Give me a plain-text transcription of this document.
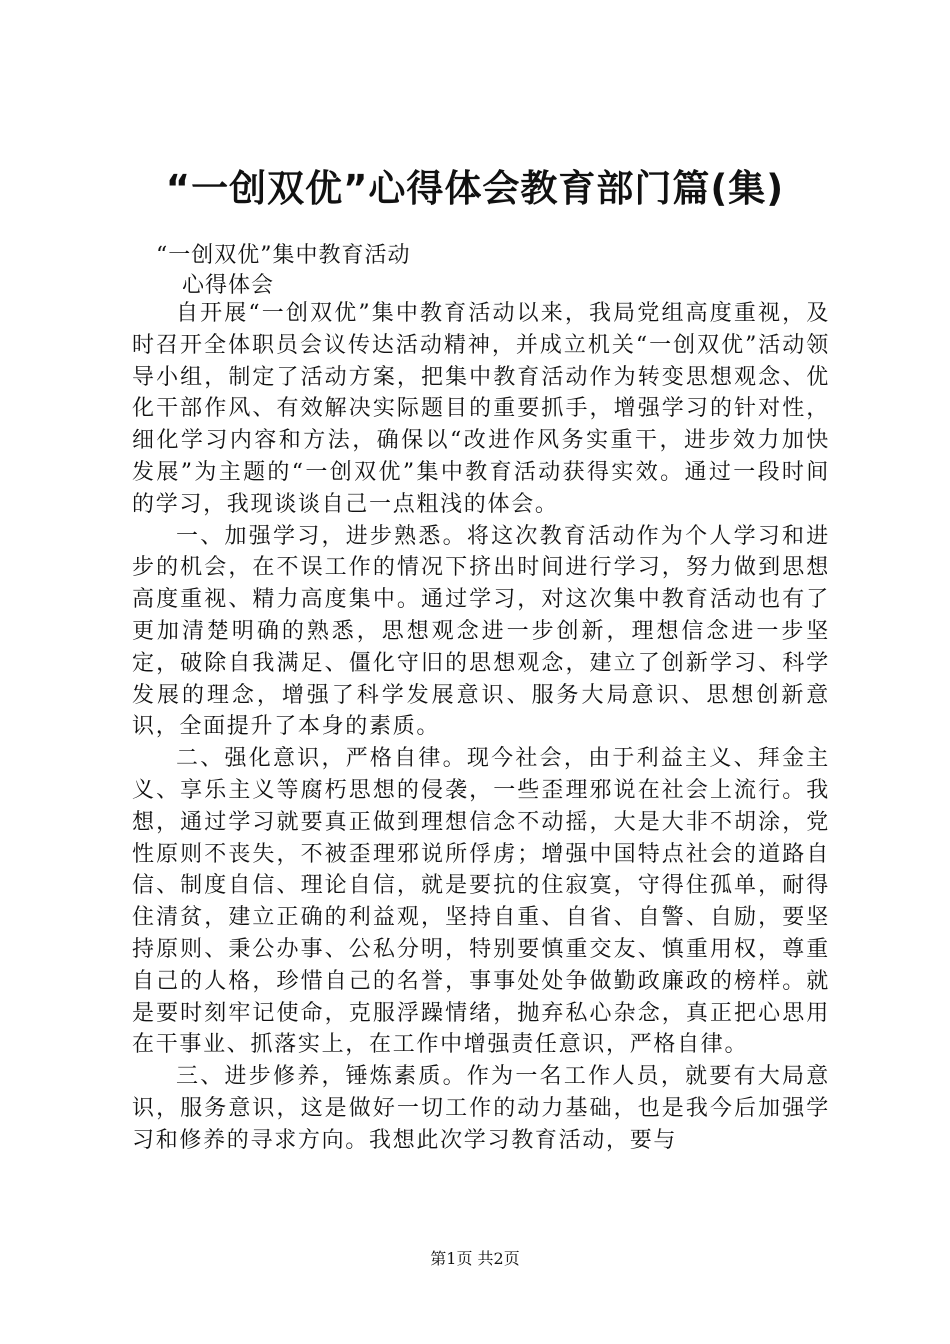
“一创双优”心得体会教育部门篇(集)
“一创双优”集中教育活动
心得体会

自开展“一创双优”集中教育活动以来，我局党组高度重视，及时召开全体职员会议传达活动精神，并成立机关“一创双优”活动领导小组，制定了活动方案，把集中教育活动作为转变思想观念、优化干部作风、有效解决实际题目的重要抓手，增强学习的针对性，细化学习内容和方法，确保以“改进作风务实重干，进步效力加快发展”为主题的“一创双优”集中教育活动获得实效。通过一段时间的学习，我现谈谈自己一点粗浅的体会。

一、加强学习，进步熟悉。将这次教育活动作为个人学习和进步的机会，在不误工作的情况下挤出时间进行学习，努力做到思想高度重视、精力高度集中。通过学习，对这次集中教育活动也有了更加清楚明确的熟悉，思想观念进一步创新，理想信念进一步坚定，破除自我满足、僵化守旧的思想观念，建立了创新学习、科学发展的理念，增强了科学发展意识、服务大局意识、思想创新意识，全面提升了本身的素质。

二、强化意识，严格自律。现今社会，由于利益主义、拜金主义、享乐主义等腐朽思想的侵袭，一些歪理邪说在社会上流行。我想，通过学习就要真正做到理想信念不动摇，大是大非不胡涂，党性原则不丧失，不被歪理邪说所俘虏；增强中国特点社会的道路自信、制度自信、理论自信，就是要抗的住寂寞，守得住孤单，耐得住清贫，建立正确的利益观，坚持自重、自省、自警、自励，要坚持原则、秉公办事、公私分明，特别要慎重交友、慎重用权，尊重自己的人格，珍惜自己的名誉，事事处处争做勤政廉政的榜样。就是要时刻牢记使命，克服浮躁情绪，抛弃私心杂念，真正把心思用在干事业、抓落实上，在工作中增强责任意识，严格自律。

三、进步修养，锤炼素质。作为一名工作人员，就要有大局意识，服务意识，这是做好一切工作的动力基础，也是我今后加强学习和修养的寻求方向。我想此次学习教育活动，要与

第1页 共2页
